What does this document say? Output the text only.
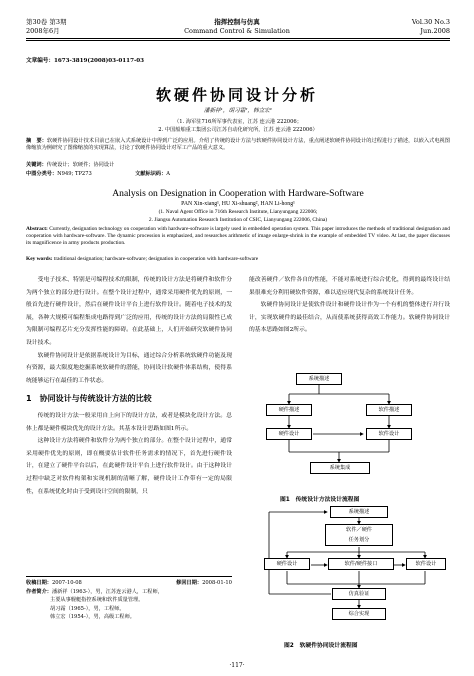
第30卷 第3期
2008年6月
指挥控制与仿真
Command Control & Simulation
Vol.30 No.3
Jun.2008
文章编号：1673-3819(2008)03-0117-03
软硬件协同设计分析
潘新祥¹，胡习霜²，韩立宏¹
（1. 海军驻716所军事代表室，江苏 连云港 222006；
2. 中国船舶重工集团公司江苏自动化研究所，江苏 连云港 222006）
摘　要：软硬件协同设计技术目前已在嵌入式系统设计中得到广泛的应用。介绍了传统的设计方法与软硬件协同设计方法，重点阐述软硬件协同设计的过程进行了描述，以嵌入式电视图像缩放为例研究了图像缩放的实现算法，讨论了软硬件协同设计对军工产品的重大意义。
关键词：传统设计；软硬件；协同设计
中图分类号：N949; TP273	文献标识码：A
Analysis on Designation in Cooperation with Hardware-Software
PAN Xin-xiang¹, HU Xi-shuang², HAN Li-hong¹
(1. Naval Agent Office in 716th Research Institute, Lianyungang 222006;
2. Jiangsu Automation Research Institution of CSIC, Lianyungang 222006, China)
Abstract: Currently, designation technology on cooperation with hardware-software is largely used in embedded operation system. This paper introduces the methods of traditional designation and cooperation with hardware-software. The dynamic procession is emphasized, and researches arithmetic of image enlarge-shrink in the example of embedded TV video. At last, the paper discusses its magnificence in army products production.
Key words: traditional designation; hardware-software; designation in cooperation with hardware-software

受电子技术、特别是可编程技术的限制，传统的设计方法是将硬件和软件分为两个独立的部分进行设计。在整个设计过程中，通常采用硬件优先的原则，一般首先进行硬件设计，然后在硬件设计平台上进行软件设计。随着电子技术的发展，各种大规模可编程集成电路得到广泛的应用，传统的设计方法的局限性已成为限制可编程芯片充分发挥性能的障碍。在此基础上，人们开始研究软硬件协同设计技术。

软硬件协同设计是依据系统设计为目标，通过综合分析系统软硬件功能及现有资源，最大限度地挖掘系统软硬件的潜能，协同设计软硬件体系结构，使得系统能够运行在最佳的工作状态。

1　协同设计与传统设计方法的比较

传统的设计方法一般采用自上向下的设计方法，或者是模块化设计方法。总体上都是硬件模块优先的设计方法。其基本设计思路如图1所示。

这种设计方法将硬件和软件分为两个独立的部分。在整个设计过程中，通常采用硬件优先的原则，即在概要估计软件任务需求的情况下，首先进行硬件设计，在建立了硬件平台以后，在此硬件设计平台上进行软件设计。由于这种设计过程中缺乏对软件构架和实现机制的清晰了解，硬件设计工作带有一定的局限性，在系统优化时由于受到设计空间的限制，只

收稿日期：2007-10-08	修回日期：2008-01-10
作者简介：潘新祥（1963-），男，江苏连云港人，工程师，
主要从事舰艇指控系统和软件质量管理。
胡习霜（1965-），男，工程师。
韩立宏（1954-），男，高级工程师。

能改善硬件／软件各自的性能，不能对系统进行综合优化，得到的最终设计结果很难充分利用硬软件资源，难以适应现代复杂的系统设计任务。

软硬件协同设计是使软件设计和硬件设计作为一个有机的整体进行并行设计，实现软硬件的最佳结合，从而使系统获得高效工作能力。软硬件协同设计的基本思路如图2所示。

系统描述
硬件描述	软件描述
硬件设计	软件设计
系统集成
图1　传统设计方法设计流程图
系统描述
软件／硬件
任务划分
硬件设计	软件/硬件接口	软件设计
仿真验证
综合实现
图2　软硬件协同设计流程图
·117·
